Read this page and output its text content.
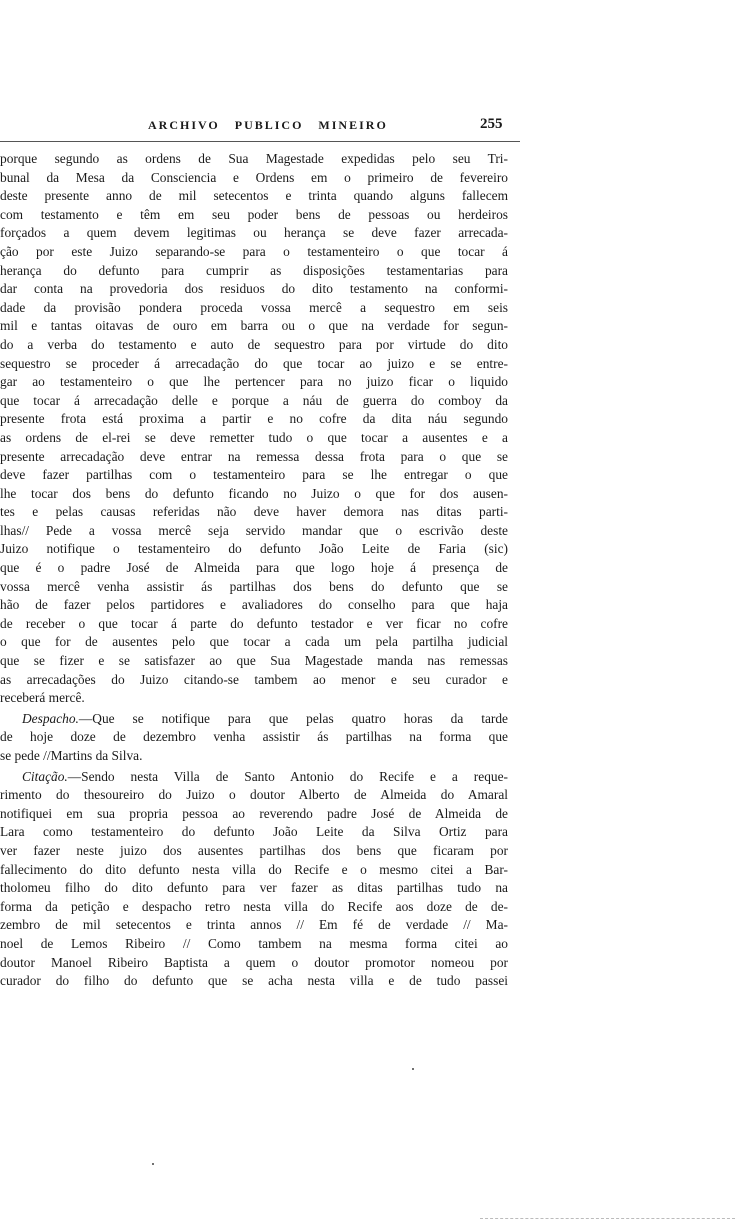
ARCHIVO PUBLICO MINEIRO	255
porque segundo as ordens de Sua Magestade expedidas pelo seu Tri-
bunal da Mesa da Consciencia e Ordens em o primeiro de fevereiro
deste presente anno de mil setecentos e trinta quando alguns fallecem
com testamento e têm em seu poder bens de pessoas ou herdeiros
forçados a quem devem legitimas ou herança se deve fazer arrecada-
ção por este Juizo separando-se para o testamenteiro o que tocar á
herança do defunto para cumprir as disposições testamentarias para
dar conta na provedoria dos residuos do dito testamento na conformi-
dade da provisão pondera proceda vossa mercê a sequestro em seis
mil e tantas oitavas de ouro em barra ou o que na verdade for segun-
do a verba do testamento e auto de sequestro para por virtude do dito
sequestro se proceder á arrecadação do que tocar ao juizo e se entre-
gar ao testamenteiro o que lhe pertencer para no juizo ficar o liquido
que tocar á arrecadação delle e porque a náu de guerra do comboy da
presente frota está proxima a partir e no cofre da dita náu segundo
as ordens de el-rei se deve remetter tudo o que tocar a ausentes e a
presente arrecadação deve entrar na remessa dessa frota para o que se
deve fazer partilhas com o testamenteiro para se lhe entregar o que
lhe tocar dos bens do defunto ficando no Juizo o que for dos ausen-
tes e pelas causas referidas não deve haver demora nas ditas parti-
lhas// Pede a vossa mercê seja servido mandar que o escrivão deste
Juizo notifique o testamenteiro do defunto João Leite de Faria (sic)
que é o padre José de Almeida para que logo hoje á presença de
vossa mercê venha assistir ás partilhas dos bens do defunto que se
hão de fazer pelos partidores e avaliadores do conselho para que haja
de receber o que tocar á parte do defunto testador e ver ficar no cofre
o que for de ausentes pelo que tocar a cada um pela partilha judicial
que se fizer e se satisfazer ao que Sua Magestade manda nas remessas
as arrecadações do Juizo citando-se tambem ao menor e seu curador e
receberá mercê.
Despacho.—Que se notifique para que pelas quatro horas da tarde
de hoje doze de dezembro venha assistir ás partilhas na forma que
se pede //Martins da Silva.
Citação.—Sendo nesta Villa de Santo Antonio do Recife e a reque-
rimento do thesoureiro do Juizo o doutor Alberto de Almeida do Amaral
notifiquei em sua propria pessoa ao reverendo padre José de Almeida de
Lara como testamenteiro do defunto João Leite da Silva Ortiz para
ver fazer neste juizo dos ausentes partilhas dos bens que ficaram por
fallecimento do dito defunto nesta villa do Recife e o mesmo citei a Bar-
tholomeu filho do dito defunto para ver fazer as ditas partilhas tudo na
forma da petição e despacho retro nesta villa do Recife aos doze de de-
zembro de mil setecentos e trinta annos // Em fé de verdade // Ma-
noel de Lemos Ribeiro // Como tambem na mesma forma citei ao
doutor Manoel Ribeiro Baptista a quem o doutor promotor nomeou por
curador do filho do defunto que se acha nesta villa e de tudo passei
